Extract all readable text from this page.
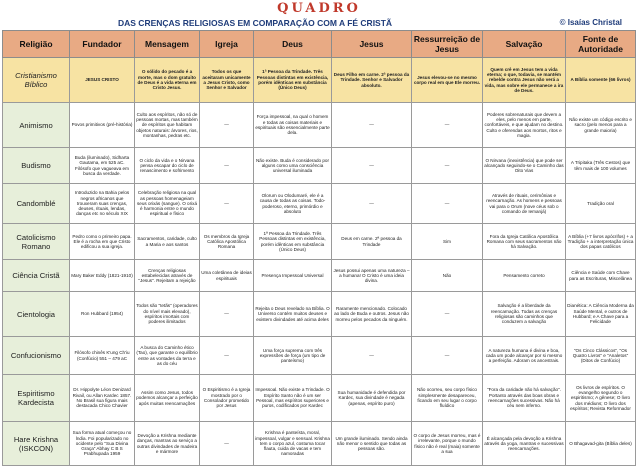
QUADRO
DAS CRENÇAS RELIGIOSAS EM COMPARAÇÃO COM A FÉ CRISTÃ	© Isaías Christal
Religião	Fundador	Mensagem	Igreja	Deus	Jesus	Ressurreição de Jesus	Salvação	Fonte de Autoridade
Cristianismo Bíblico	JESUS CRISTO	O sólido do pecado é a morte, mas o dom gratuito de Deus é a vida eterna em Cristo Jesus.	Todos os que aceitaram unicamente a Jesus Cristo, como Senhor e Salvador	1ª Pessoa da Trindade. Três Pessoas distintas em existência, porém idênticas em substância (Único Deus)	Deus Filho em carne. 2ª pessoa da Trindade. Senhor e Salvador absoluto.	Jesus elevou-se no mesmo corpo real em que Ele morreu.	Quem crê em Jesus tem a vida eterna; o que, todavia, se mantém rebelde contra Jesus não verá a vida, mas sobre ele permanece a ira de Deus.	A Bíblia somente (66 livros)
Animismo	Povos primitivos (pré-história)	Culto aos espíritos, não só de pessoas mortas, mas também de espíritos que habitam objetos naturais: árvores, rios, montanhas, pedras etc.	—	Força impessoal, na qual o homem e todas as coisas materiais e espirituais são essencialmente parte dela.	—	—	Poderes sobrenaturais que devem a eles, pelo menos em parte, confortáveis, e que ajudam no destino. Culto e oferendas aos mortos, ritos e magia.	Não existe um código escrito e sacro (pelo menos para a grande maioria)
Budismo	Buda (iluminado), Sidharta Gautama, em 525 aC. Filósofo que vagueava em busca da verdade.	O ciclo da vida e o Nirvana pensa escapar do ciclo de renascimento e sofrimento	—	Não existe. Buda é considerado por alguns como uma consciência universal iluminada	—	—	O Nirvana (inexistência) que pode ser alcançado seguindo-se o Caminho das Oito Vias	A Tripitaka (Três Cestos) que têm mais de 100 volumes
Candomblé	Introduzido na Bahia pelos negros africanos que trouxeram suas crenças, deuses, rituais, lendas, danças etc no século XIX	Celebração religiosa na qual as pessoas homenageiam seus orixás (sangue). O orixá é harmonia entre o mundo espiritual e físico	—	Olorum ou Olodumaré, ele é a causa de todas as coisas. Todo-poderoso, eterno, primórdio e absoluto	—	—	Através de rituais, cerimônias e reencarnação. As homens e pessoas vai para o Orum (nove céus sob o comando de Iemanjá)	Tradição oral
Catolicismo Romano	Pedro como o primeiro papa. Ele é a rocha em que Cristo edificou a sua igreja.	Sacramentos, caridade, culto a Maria e aos santos	Os membros da Igreja Católica Apostólica Romana	1ª Pessoa da Trindade. Três Pessoas distintas em existência, porém idênticas em substância (Único Deus)	Deus em carne. 2ª pessoa da Trindade	Sim	Fora da Igreja Católica Apostólica Romana com seus sacramentos não há Salvação.	A Bíblia (+7 livros apócrifos) + a Tradição + a interpretação única dos papas católicos
Ciência Cristã	Mary Baker Eddy (1821-1910)	Crenças religiosas estabelecidas através de "Jesus". Rejeitam a rejeição	Uma coletânea de ideias espirituais	Presença Impessoal Universal	Jesus possui apenas uma natureza – a humana! O Cristo é uma ideia divina.	Não	Pensamento correto	Ciência e Saúde com Chave para as Escrituras, Miscelânea
Cientologia	Ron Hubbard (1954)	Todos são "tetãs" (operadores do nível mais elevado), espíritos imortais com poderes ilimitados	—	Rejeita o Deus revelado na Bíblia. O Universo contém muitos deuses e existem divindades até acima deles	Raramente mencionado. Colocado ao lado de Buda e outros. Jesus não morreu pelos pecados da ninguém.	—	Salvação é a liberdade da reencarnação. Todas as crenças religiosas são caminhos que conduzem a salvação	Dianética: A Ciência Moderna da Saúde Mental, e outros de Hubbard; e A Chave para a Felicidade
Confucionismo	Filósofo chinês K'ung Ch'iu (Confúcio) 551 – 479 aC	A busca do Caminho ético (Tao), que garante o equilíbrio entre as vontades da terra e as do céu	—	Uma força suprema com três expressões de força (um tipo de panteísmo)	—	—	A natureza humana é divina e boa, cada um pode alcançar por si mesmo a perfeição. Adoram os ancestrais.	"Os Cinco Clássicos", "Os Quatro Livros" e "Analetos" (Ditos de Confúcio)
Espiritismo Kardecista	Dr. Hippolyte Léon Denizard Rivail, ou Allan Kardec 1857. No Brasil sua figura mais destacada Chico Chavier	Assim como Jesus, todos podemos alcançar a perfeição após muitas reencarnações	O Espiritismo é a Igreja mostrado por o Consolador prometido por Jesus	Impessoal. Não existe a Trindade. O Espírito Santo não é um ser Pessoal, mas espíritos superiores e puros, codificados por Kardec	Sua humanidade é defendida por Kardec, sua divindade é negada (apenas, espírito puro)	Não ocorreu, seu corpo físico simplesmente desapareceu, ficando em seu lugar o corpo fluídico	"Fora da caridade não há salvação". Portanto através das boas obras e reencarnações sucessivas. Não há céu nem inferno.	Os livros de espíritos. O evangelho segundo o espiritismo; A gênese; O livro dos médiuns; O livro dos espíritos; Revista Reformador
Hare Krishna (ISKCON)	Sua forma atual começou no Índia. Foi popularizado no ocidente pelo "Sua Divina Graça" Abhay C B S Prabhupada 1959	Devoção a Krishna mediante danças, mantras ao serviço a outras divindades de madeira e mármore	—	Krishna é panteísta, moral, impessoal, vulgar e sensual. Krishna tem o corpo azul, costuma tocar flauta, cuida de vacas e tem namoradas	Um grande iluminado. Sendo ainda não menor o sentido que todas as pessoas são.	O corpo de Jesus morreu, mas é irrelevante, porque o mundo físico não é real (maia) somente a sua	É alcançada pela devoção a Krishna através da yoga, mantras e sucessivas reencarnações.	O Bhagavad-gita (Bíblia deles)
